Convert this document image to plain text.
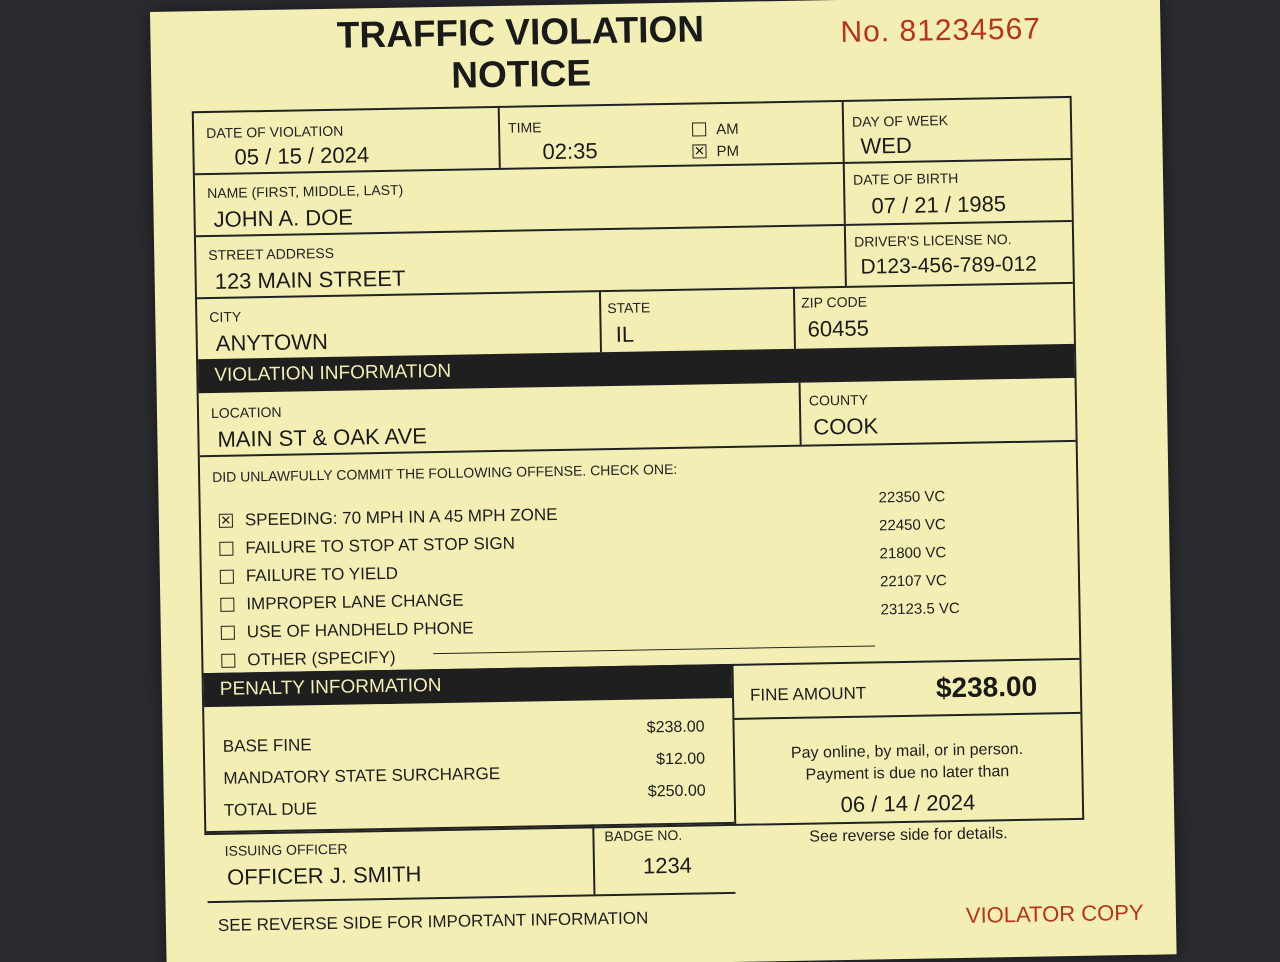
TRAFFIC VIOLATION
NOTICE
No. 81234567
DATE OF VIOLATION
05 / 15 / 2024
TIME
02:35
AM
✕ PM
DAY OF WEEK
WED
NAME (FIRST, MIDDLE, LAST)
JOHN A. DOE
DATE OF BIRTH
07 / 21 / 1985
STREET ADDRESS
123 MAIN STREET
DRIVER'S LICENSE NO.
D123-456-789-012
CITY
ANYTOWN
STATE
IL
ZIP CODE
60455
VIOLATION INFORMATION
LOCATION
MAIN ST & OAK AVE
COUNTY
COOK
DID UNLAWFULLY COMMIT THE FOLLOWING OFFENSE. CHECK ONE:
✕ SPEEDING: 70 MPH IN A 45 MPH ZONE
22350 VC
FAILURE TO STOP AT STOP SIGN
22450 VC
FAILURE TO YIELD
21800 VC
IMPROPER LANE CHANGE
22107 VC
USE OF HANDHELD PHONE
23123.5 VC
OTHER (SPECIFY)
PENALTY INFORMATION
BASE FINE
$238.00
MANDATORY STATE SURCHARGE
$12.00
TOTAL DUE
$250.00
FINE AMOUNT $238.00
Pay online, by mail, or in person.
Payment is due no later than
06 / 14 / 2024
See reverse side for details.
ISSUING OFFICER
OFFICER J. SMITH
BADGE NO.
1234
SEE REVERSE SIDE FOR IMPORTANT INFORMATION	VIOLATOR COPY
